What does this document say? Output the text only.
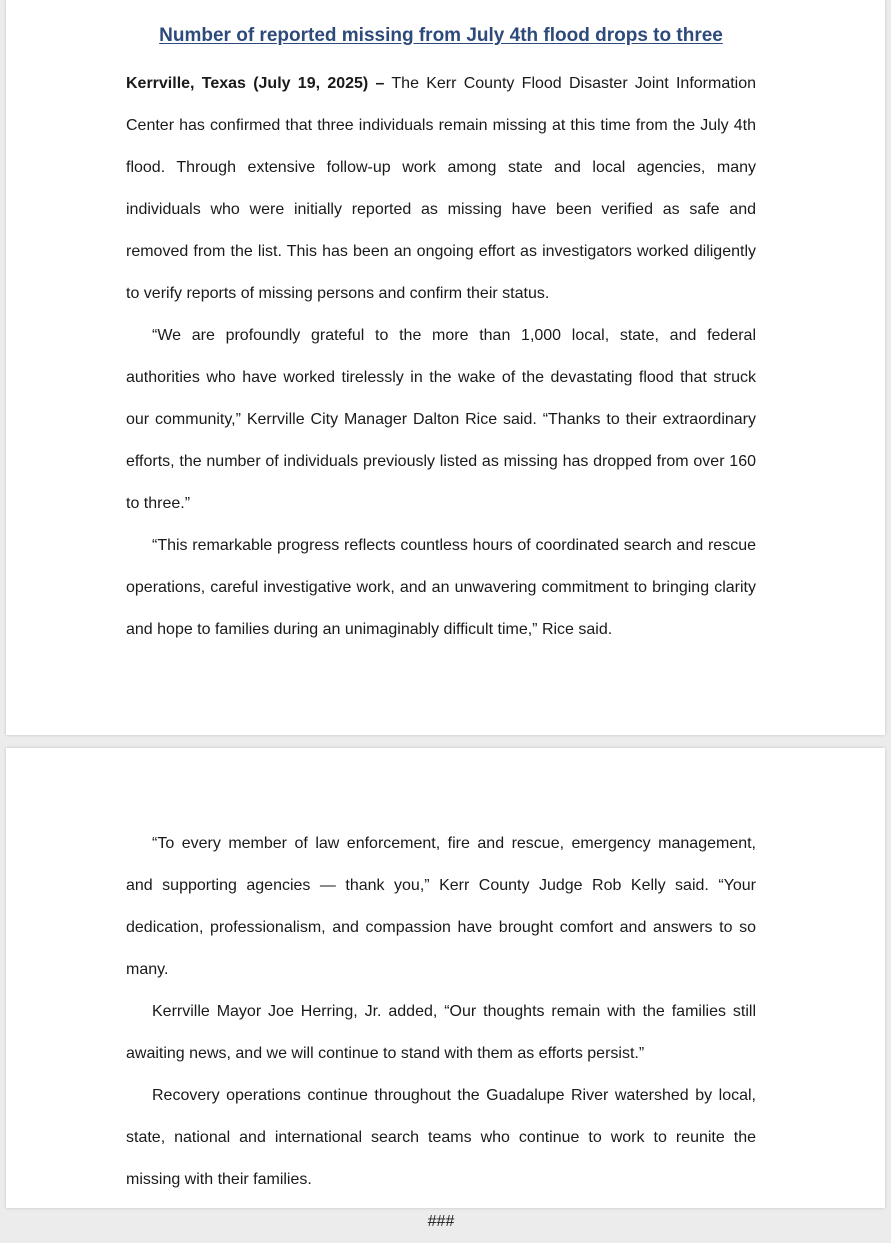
Number of reported missing from July 4th flood drops to three

Kerrville, Texas (July 19, 2025) – The Kerr County Flood Disaster Joint Information Center has confirmed that three individuals remain missing at this time from the July 4th flood. Through extensive follow-up work among state and local agencies, many individuals who were initially reported as missing have been verified as safe and removed from the list. This has been an ongoing effort as investigators worked diligently to verify reports of missing persons and confirm their status.

“We are profoundly grateful to the more than 1,000 local, state, and federal authorities who have worked tirelessly in the wake of the devastating flood that struck our community,” Kerrville City Manager Dalton Rice said. “Thanks to their extraordinary efforts, the number of individuals previously listed as missing has dropped from over 160 to three.”

“This remarkable progress reflects countless hours of coordinated search and rescue operations, careful investigative work, and an unwavering commitment to bringing clarity and hope to families during an unimaginably difficult time,” Rice said.

“To every member of law enforcement, fire and rescue, emergency management, and supporting agencies — thank you,” Kerr County Judge Rob Kelly said. “Your dedication, professionalism, and compassion have brought comfort and answers to so many.

Kerrville Mayor Joe Herring, Jr. added, “Our thoughts remain with the families still awaiting news, and we will continue to stand with them as efforts persist.”

Recovery operations continue throughout the Guadalupe River watershed by local, state, national and international search teams who continue to work to reunite the missing with their families.

###
